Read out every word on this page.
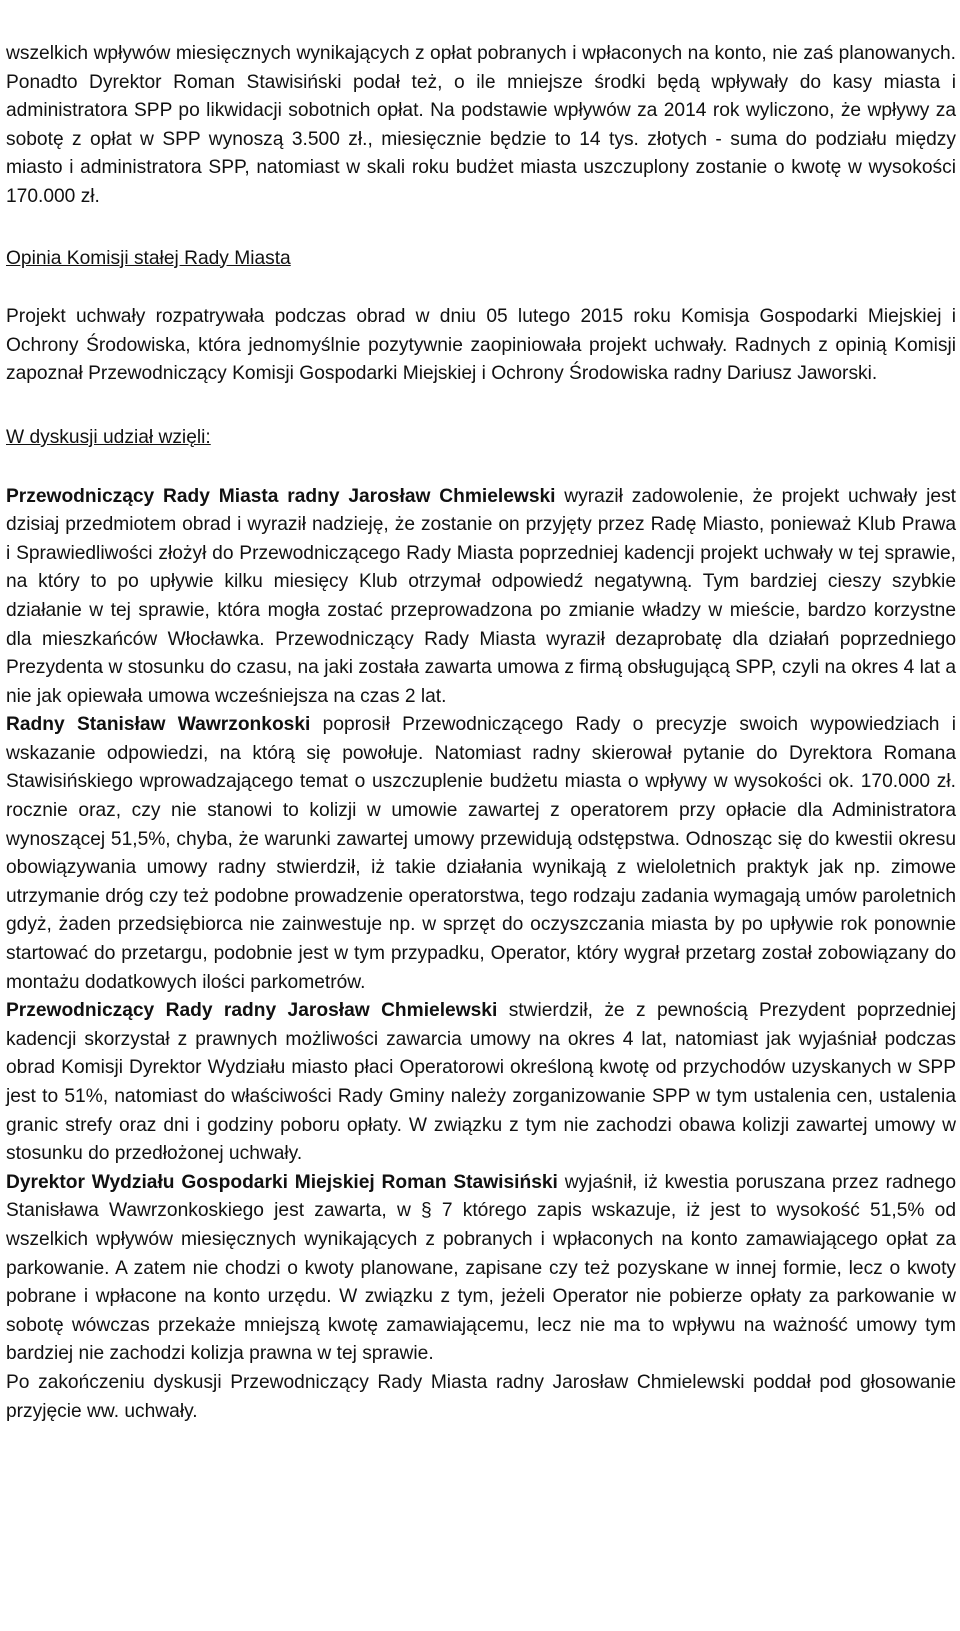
wszelkich wpływów miesięcznych wynikających z opłat pobranych i wpłaconych na konto, nie zaś planowanych. Ponadto Dyrektor Roman Stawisiński podał też, o ile mniejsze środki będą wpływały do kasy miasta i administratora SPP po likwidacji sobotnich opłat. Na podstawie wpływów za 2014 rok wyliczono, że wpływy za sobotę z opłat w SPP wynoszą 3.500 zł., miesięcznie będzie to 14 tys. złotych - suma do podziału między miasto i administratora SPP, natomiast w skali roku budżet miasta uszczuplony zostanie o kwotę w wysokości 170.000 zł.

Opinia Komisji stałej Rady Miasta

Projekt uchwały rozpatrywała podczas obrad w dniu 05 lutego 2015 roku Komisja Gospodarki Miejskiej i Ochrony Środowiska, która jednomyślnie pozytywnie zaopiniowała projekt uchwały. Radnych z opinią Komisji zapoznał Przewodniczący Komisji Gospodarki Miejskiej i Ochrony Środowiska radny Dariusz Jaworski.

W dyskusji udział wzięli:

Przewodniczący Rady Miasta radny Jarosław Chmielewski wyraził zadowolenie, że projekt uchwały jest dzisiaj przedmiotem obrad i wyraził nadzieję, że zostanie on przyjęty przez Radę Miasto, ponieważ Klub Prawa i Sprawiedliwości złożył do Przewodniczącego Rady Miasta poprzedniej kadencji projekt uchwały w tej sprawie, na który to po upływie kilku miesięcy Klub otrzymał odpowiedź negatywną. Tym bardziej cieszy szybkie działanie w tej sprawie, która mogła zostać przeprowadzona po zmianie władzy w mieście, bardzo korzystne dla mieszkańców Włocławka. Przewodniczący Rady Miasta wyraził dezaprobatę dla działań poprzedniego Prezydenta w stosunku do czasu, na jaki została zawarta umowa z firmą obsługującą SPP, czyli na okres 4 lat a nie jak opiewała umowa wcześniejsza na czas 2 lat.

Radny Stanisław Wawrzonkoski poprosił Przewodniczącego Rady o precyzje swoich wypowiedziach i wskazanie odpowiedzi, na którą się powołuje. Natomiast radny skierował pytanie do Dyrektora Romana Stawisińskiego wprowadzającego temat o uszczuplenie budżetu miasta o wpływy w wysokości ok. 170.000 zł. rocznie oraz, czy nie stanowi to kolizji w umowie zawartej z operatorem przy opłacie dla Administratora wynoszącej 51,5%, chyba, że warunki zawartej umowy przewidują odstępstwa. Odnosząc się do kwestii okresu obowiązywania umowy radny stwierdził, iż takie działania wynikają z wieloletnich praktyk jak np. zimowe utrzymanie dróg czy też podobne prowadzenie operatorstwa, tego rodzaju zadania wymagają umów paroletnich gdyż, żaden przedsiębiorca nie zainwestuje np. w sprzęt do oczyszczania miasta by po upływie rok ponownie startować do przetargu, podobnie jest w tym przypadku, Operator, który wygrał przetarg został zobowiązany do montażu dodatkowych ilości parkometrów.

Przewodniczący Rady radny Jarosław Chmielewski stwierdził, że z pewnością Prezydent poprzedniej kadencji skorzystał z prawnych możliwości zawarcia umowy na okres 4 lat, natomiast jak wyjaśniał podczas obrad Komisji Dyrektor Wydziału miasto płaci Operatorowi określoną kwotę od przychodów uzyskanych w SPP jest to 51%, natomiast do właściwości Rady Gminy należy zorganizowanie SPP w tym ustalenia cen, ustalenia granic strefy oraz dni i godziny poboru opłaty. W związku z tym nie zachodzi obawa kolizji zawartej umowy w stosunku do przedłożonej uchwały.

Dyrektor Wydziału Gospodarki Miejskiej Roman Stawisiński wyjaśnił, iż kwestia poruszana przez radnego Stanisława Wawrzonkoskiego jest zawarta, w § 7 którego zapis wskazuje, iż jest to wysokość 51,5% od wszelkich wpływów miesięcznych wynikających z pobranych i wpłaconych na konto zamawiającego opłat za parkowanie. A zatem nie chodzi o kwoty planowane, zapisane czy też pozyskane w innej formie, lecz o kwoty pobrane i wpłacone na konto urzędu. W związku z tym, jeżeli Operator nie pobierze opłaty za parkowanie w sobotę wówczas przekaże mniejszą kwotę zamawiającemu, lecz nie ma to wpływu na ważność umowy tym bardziej nie zachodzi kolizja prawna w tej sprawie.

Po zakończeniu dyskusji Przewodniczący Rady Miasta radny Jarosław Chmielewski poddał pod głosowanie przyjęcie ww. uchwały.
